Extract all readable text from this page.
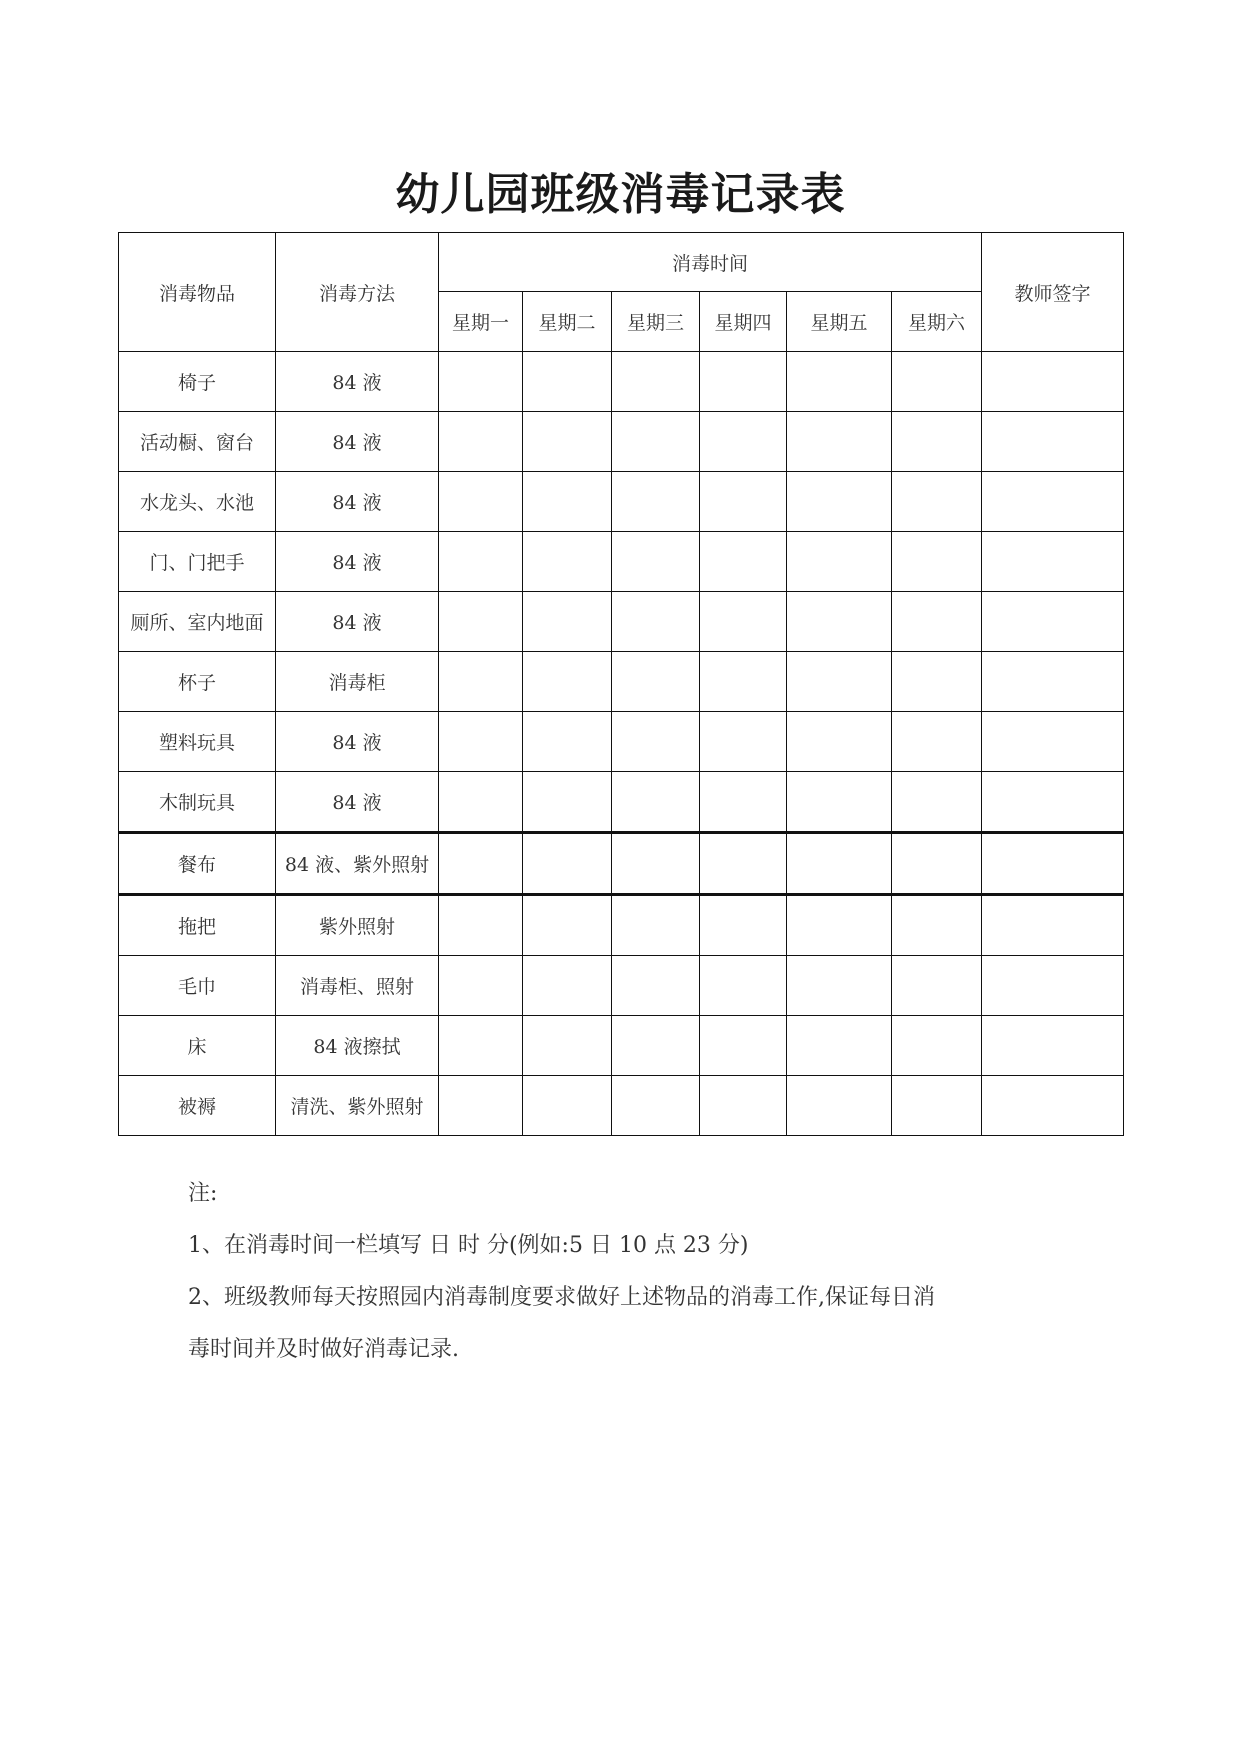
幼儿园班级消毒记录表
消毒物品	消毒方法	消毒时间						教师签字
		星期一	星期二	星期三	星期四	星期五	星期六	
椅子	84 液							
活动橱、窗台	84 液							
水龙头、水池	84 液							
门、门把手	84 液							
厕所、室内地面	84 液							
杯子	消毒柜							
塑料玩具	84 液							
木制玩具	84 液							
餐布	84 液、紫外照射							
拖把	紫外照射							
毛巾	消毒柜、照射							
床	84 液擦拭							
被褥	清洗、紫外照射							

注:

1、在消毒时间一栏填写 日 时 分(例如:5 日 10 点 23 分)

2、班级教师每天按照园内消毒制度要求做好上述物品的消毒工作,保证每日消

毒时间并及时做好消毒记录.
